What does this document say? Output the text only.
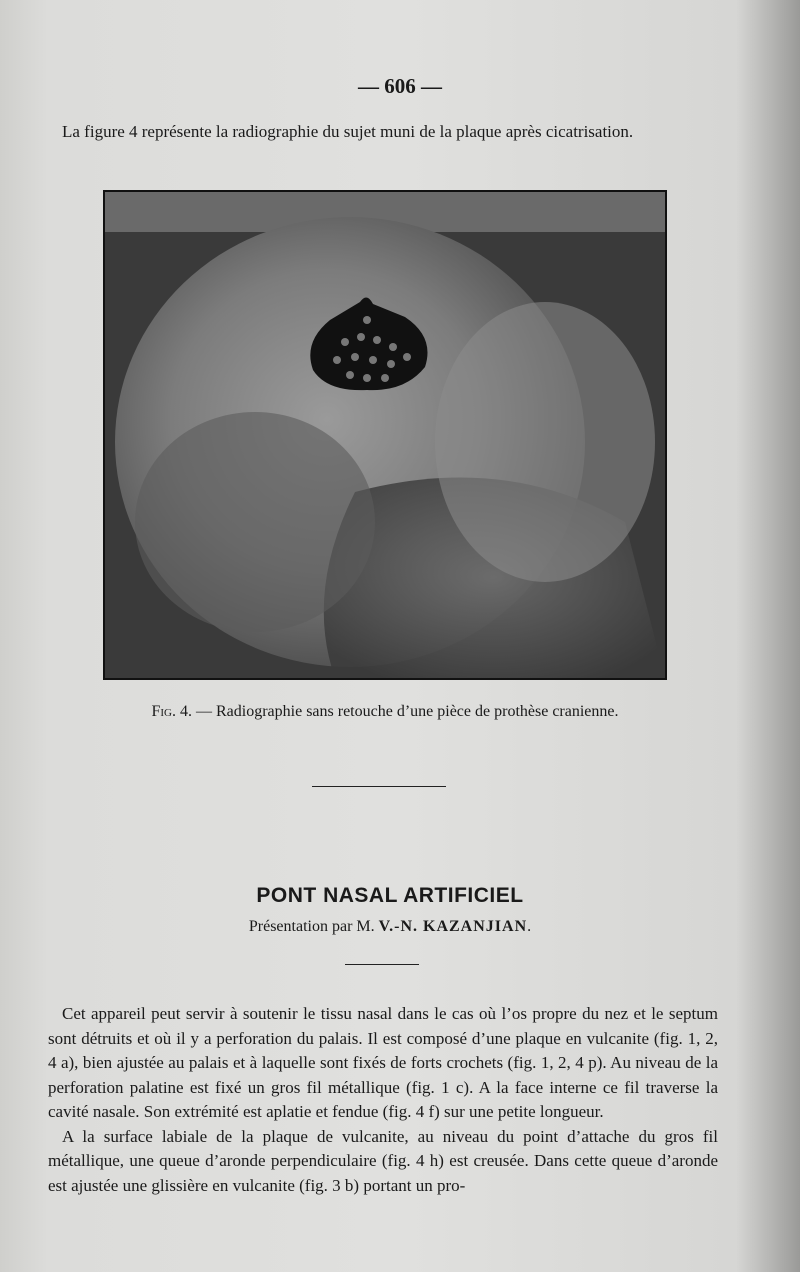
— 606 —
La figure 4 représente la radiographie du sujet muni de la plaque après cicatrisation.
Fig. 4. — Radiographie sans retouche d’une pièce de prothèse cranienne.
PONT NASAL ARTIFICIEL
Présentation par M. V.-N. KAZANJIAN.

Cet appareil peut servir à soutenir le tissu nasal dans le cas où l’os propre du nez et le septum sont détruits et où il y a perforation du palais. Il est composé d’une plaque en vulcanite (fig. 1, 2, 4 a), bien ajustée au palais et à laquelle sont fixés de forts crochets (fig. 1, 2, 4 p). Au niveau de la perforation palatine est fixé un gros fil métallique (fig. 1 c). A la face interne ce fil traverse la cavité nasale. Son extrémité est aplatie et fendue (fig. 4 f) sur une petite longueur.

A la surface labiale de la plaque de vulcanite, au niveau du point d’attache du gros fil métallique, une queue d’aronde perpendiculaire (fig. 4 h) est creusée. Dans cette queue d’aronde est ajustée une glissière en vulcanite (fig. 3 b) portant un pro-
